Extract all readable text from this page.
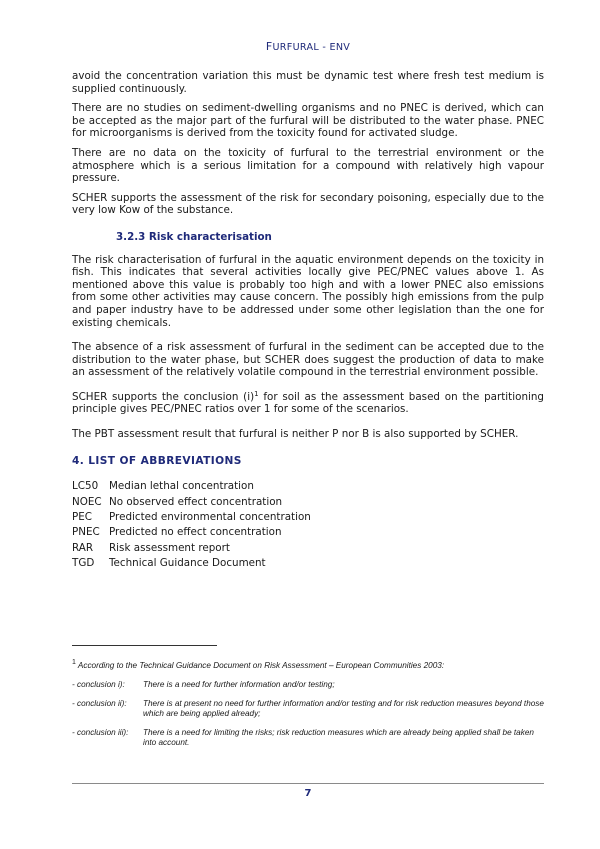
FURFURAL - ENV

avoid the concentration variation this must be dynamic test where fresh test medium is supplied continuously.

There are no studies on sediment-dwelling organisms and no PNEC is derived, which can be accepted as the major part of the furfural will be distributed to the water phase. PNEC for microorganisms is derived from the toxicity found for activated sludge.

There are no data on the toxicity of furfural to the terrestrial environment or the atmosphere which is a serious limitation for a compound with relatively high vapour pressure.

SCHER supports the assessment of the risk for secondary poisoning, especially due to the very low Kow of the substance.

3.2.3 Risk characterisation

The risk characterisation of furfural in the aquatic environment depends on the toxicity in fish. This indicates that several activities locally give PEC/PNEC values above 1. As mentioned above this value is probably too high and with a lower PNEC also emissions from some other activities may cause concern. The possibly high emissions from the pulp and paper industry have to be addressed under some other legislation than the one for existing chemicals.

The absence of a risk assessment of furfural in the sediment can be accepted due to the distribution to the water phase, but SCHER does suggest the production of data to make an assessment of the relatively volatile compound in the terrestrial environment possible.

SCHER supports the conclusion $(i)^1$ for soil as the assessment based on the partitioning principle gives PEC/PNEC ratios over 1 for some of the scenarios.

The PBT assessment result that furfural is neither P nor B is also supported by SCHER.

4. LIST OF ABBREVIATIONS
LC50	Median lethal concentration
NOEC No observed effect concentration
PEC	Predicted environmental concentration
PNEC Predicted no effect concentration
RAR	Risk assessment report
TGD	Technical Guidance Document

$^1$ According to the Technical Guidance Document on Risk Assessment – European Communities 2003:

- conclusion i):	There is a need for further information and/or testing;
- conclusion ii):	There is at present no need for further information and/or testing and for risk reduction measures beyond those which are being applied already;
- conclusion iii):	There is a need for limiting the risks; risk reduction measures which are already being applied shall be taken into account.
7
